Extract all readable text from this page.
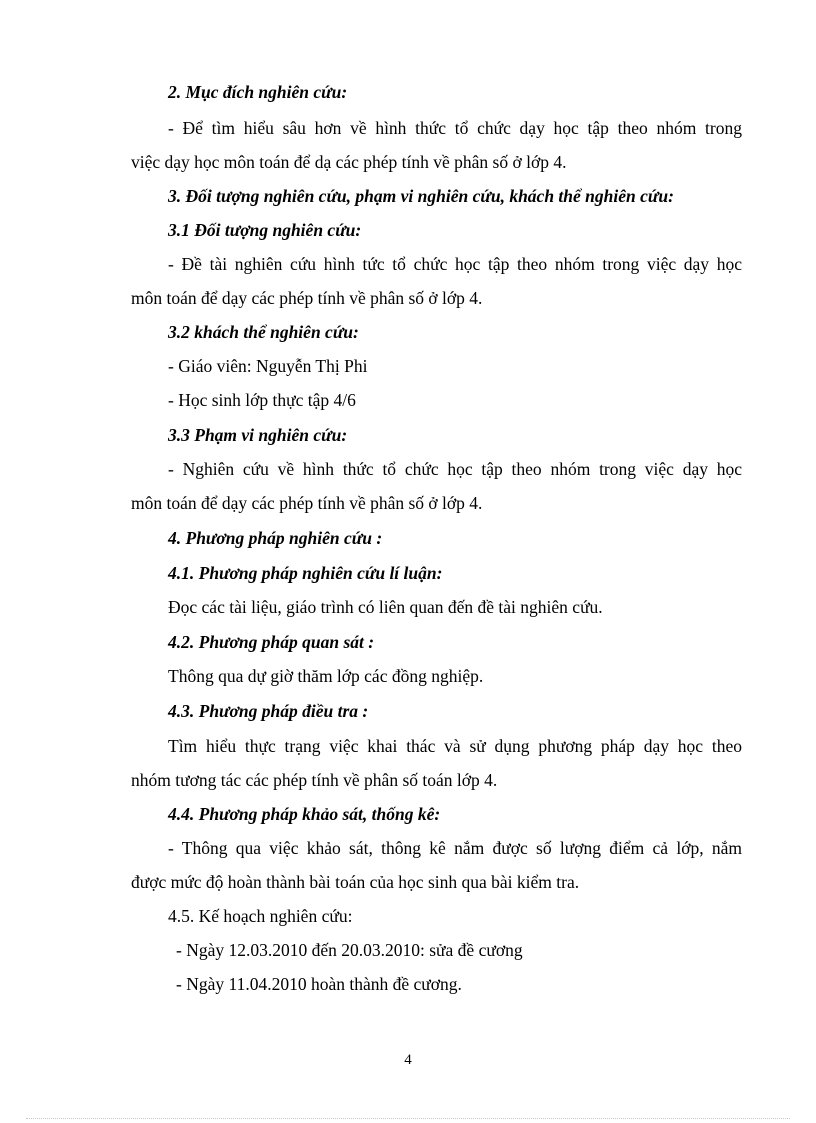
2. Mục đích nghiên cứu:
- Để tìm hiểu sâu hơn về hình thức tổ chức dạy học tập theo nhóm trong
việc dạy học môn toán để dạ các phép tính về phân số ở lớp 4.
3. Đối tượng nghiên cứu, phạm vi nghiên cứu, khách thể nghiên cứu:
3.1 Đối tượng nghiên cứu:
- Đề tài nghiên cứu hình tức tổ chức học tập theo nhóm trong việc dạy học
môn toán để dạy các phép tính về phân số ở lớp 4.
3.2 khách thể nghiên cứu:
- Giáo viên: Nguyễn Thị Phi
- Học sinh lớp thực tập 4/6
3.3 Phạm vi nghiên cứu:
- Nghiên cứu về hình thức tổ chức học tập theo nhóm trong việc dạy học
môn toán để dạy các phép tính về phân số ở lớp 4.
4. Phương pháp nghiên cứu :
4.1. Phương pháp nghiên cứu lí luận:
Đọc các tài liệu, giáo trình có liên quan đến đề tài nghiên cứu.
4.2. Phương pháp quan sát :
Thông qua dự giờ thăm lớp các đồng nghiệp.
4.3. Phương pháp điều tra :
Tìm hiểu thực trạng việc khai thác và sử dụng phương pháp dạy học theo
nhóm tương tác các phép tính về phân số toán lớp 4.
4.4. Phương pháp khảo sát, thống kê:
- Thông qua việc khảo sát, thông kê nắm được số lượng điểm cả lớp, nắm
được mức độ hoàn thành bài toán của học sinh qua bài kiểm tra.
4.5. Kế hoạch nghiên cứu:
- Ngày 12.03.2010 đến 20.03.2010: sửa đề cương
- Ngày 11.04.2010 hoàn thành đề cương.
4
